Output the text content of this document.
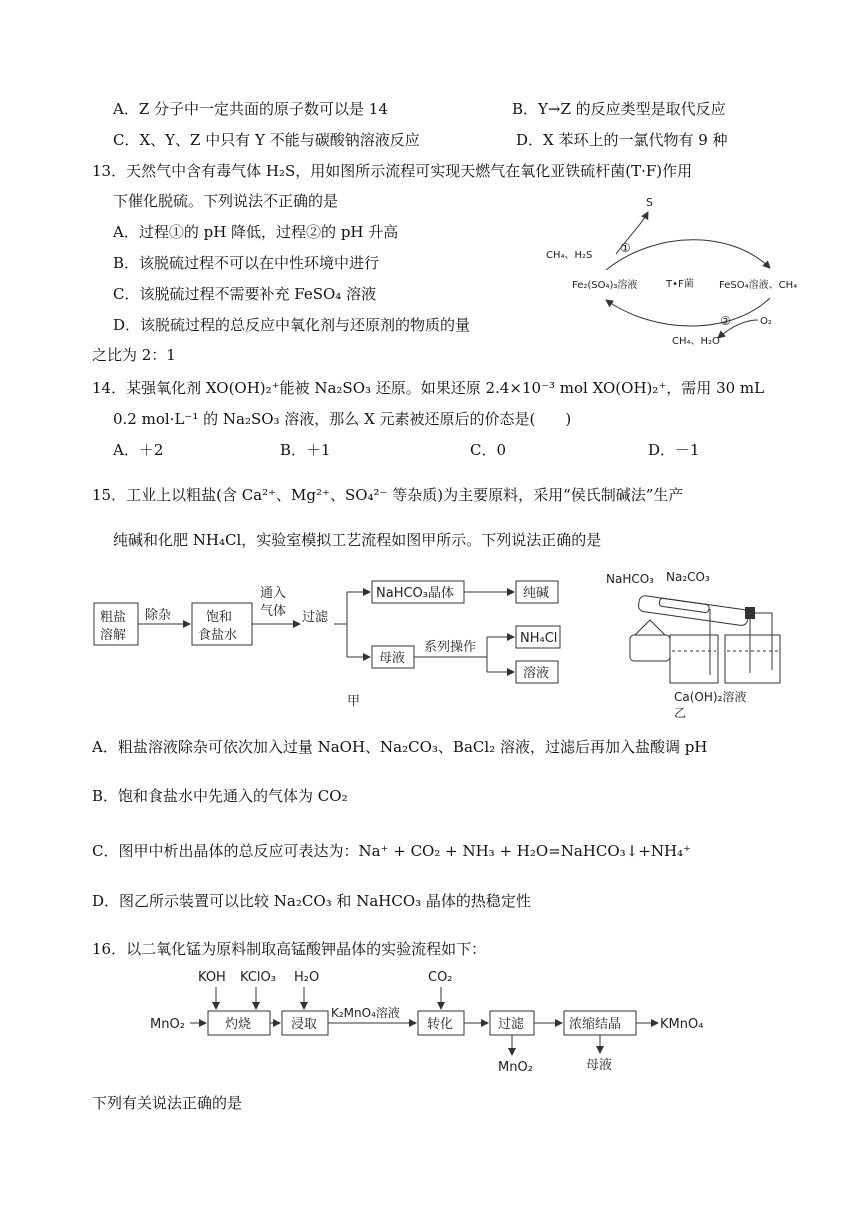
A．Z 分子中一定共面的原子数可以是 14	B．Y→Z 的反应类型是取代反应
C．X、Y、Z 中只有 Y 不能与碳酸钠溶液反应	D．X 苯环上的一氯代物有 9 种
13．天然气中含有毒气体 H₂S，用如图所示流程可实现天燃气在氧化亚铁硫杆菌(T·F)作用
下催化脱硫。下列说法不正确的是
A．过程①的 pH 降低，过程②的 pH 升高
B．该脱硫过程不可以在中性环境中进行
C．该脱硫过程不需要补充 FeSO₄ 溶液
D．该脱硫过程的总反应中氧化剂与还原剂的物质的量
之比为 2：1
S
CH₄、H₂S
①
Fe₂(SO₄)₃溶液	T•F菌	FeSO₄溶液、CH₄
②	O₂
CH₄、H₂O
14．某强氧化剂 XO(OH)₂⁺能被 Na₂SO₃ 还原。如果还原 2.4×10⁻³ mol XO(OH)₂⁺，需用 30 mL
0.2 mol·L⁻¹ 的 Na₂SO₃ 溶液，那么 X 元素被还原后的价态是(　　)
A．＋2	B．＋1	C．0	D．－1
15．工业上以粗盐(含 Ca²⁺、Mg²⁺、SO₄²⁻ 等杂质)为主要原料，采用“侯氏制碱法”生产
纯碱和化肥 NH₄Cl，实验室模拟工艺流程如图甲所示。下列说法正确的是
粗盐
溶解
除杂	饱和
食盐水
通入
气体 过滤
NaHCO₃晶体	纯碱
母液
系列操作
NH₄Cl
溶液
甲
NaHCO₃ Na₂CO₃
Ca(OH)₂溶液
乙
A．粗盐溶液除杂可依次加入过量 NaOH、Na₂CO₃、BaCl₂ 溶液，过滤后再加入盐酸调 pH
B．饱和食盐水中先通入的气体为 CO₂
C．图甲中析出晶体的总反应可表达为：Na⁺ + CO₂ + NH₃ + H₂O=NaHCO₃↓+NH₄⁺
D．图乙所示装置可以比较 Na₂CO₃ 和 NaHCO₃ 晶体的热稳定性
16．以二氧化锰为原料制取高锰酸钾晶体的实验流程如下：
MnO₂
KOH KClO₃
灼烧
H₂O
浸取
K₂MnO₄溶液
CO₂
转化	过滤
MnO₂
浓缩结晶
母液
KMnO₄
下列有关说法正确的是
